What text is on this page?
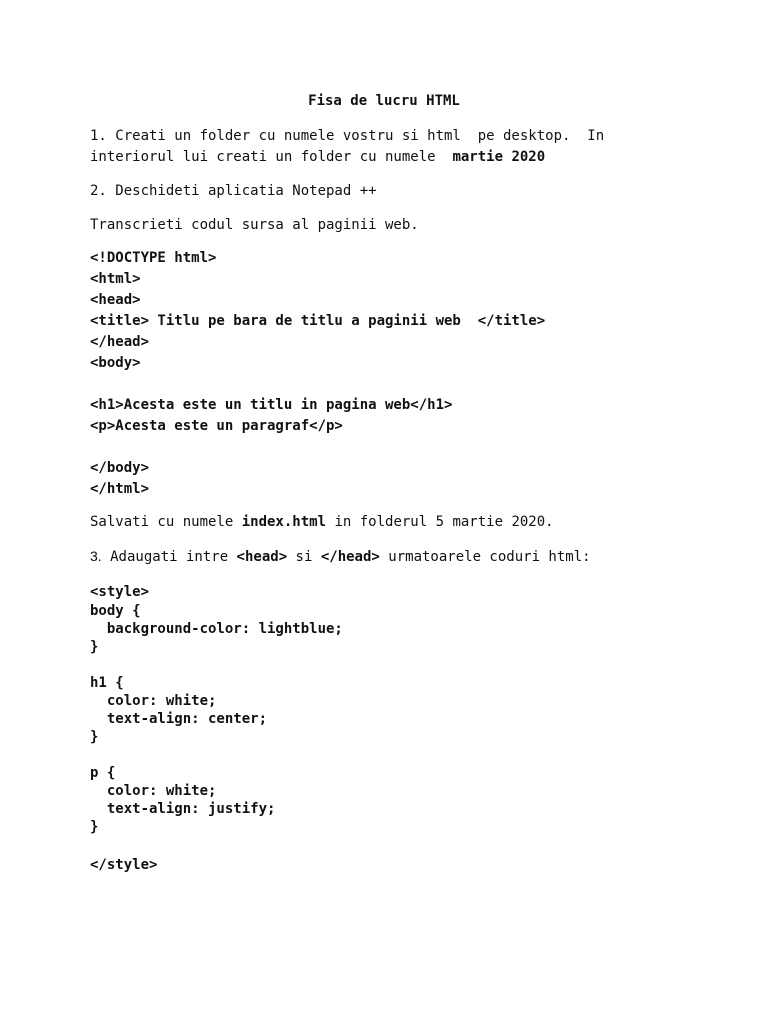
Fisa de lucru HTML
1. Creati un folder cu numele vostru si html  pe desktop.  In
interiorul lui creati un folder cu numele  martie 2020
2. Deschideti aplicatia Notepad ++
Transcrieti codul sursa al paginii web.
<!DOCTYPE html>
<html>
<head>
<title> Titlu pe bara de titlu a paginii web  </title>
</head>
<body>
<h1>Acesta este un titlu in pagina web</h1>
<p>Acesta este un paragraf</p>
</body>
</html>
Salvati cu numele index.html in folderul 5 martie 2020.
3. Adaugati intre <head> si </head> urmatoarele coduri html:
<style>
body {
background-color: lightblue;
}
h1 {
color: white;
text-align: center;
}
p {
color: white;
text-align: justify;
}
</style>
